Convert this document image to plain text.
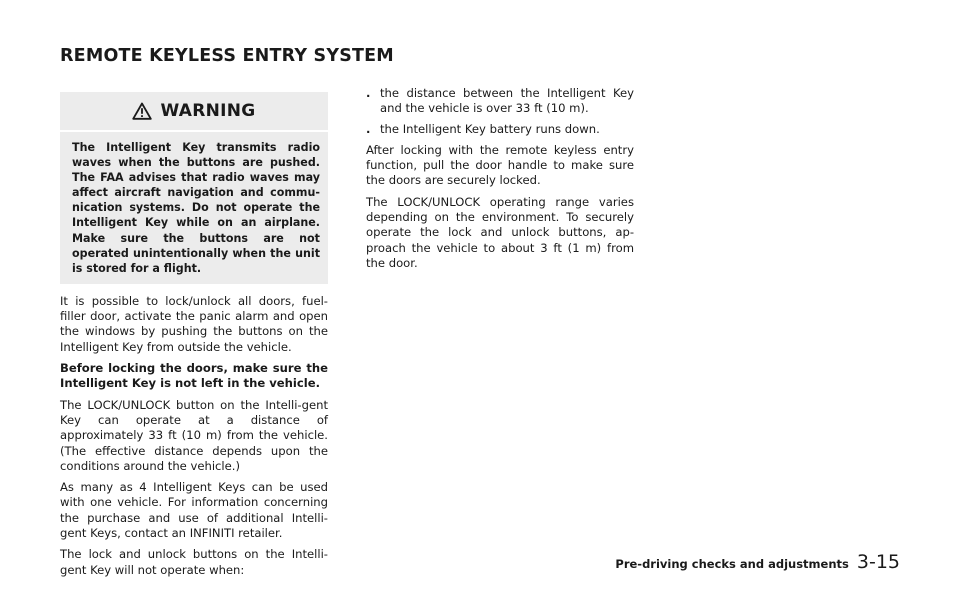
REMOTE KEYLESS ENTRY SYSTEM
WARNING

The Intelligent Key transmits radio waves when the buttons are pushed. The FAA advises that radio waves may affect aircraft navigation and commu-nication systems. Do not operate the Intelligent Key while on an airplane. Make sure the buttons are not operated unintentionally when the unit is stored for a flight.

It is possible to lock/unlock all doors, fuel-filler door, activate the panic alarm and open the windows by pushing the buttons on the Intelligent Key from outside the vehicle.

Before locking the doors, make sure the Intelligent Key is not left in the vehicle.

The LOCK/UNLOCK button on the Intelli-gent Key can operate at a distance of approximately 33 ft (10 m) from the vehicle. (The effective distance depends upon the conditions around the vehicle.)

As many as 4 Intelligent Keys can be used with one vehicle. For information concerning the purchase and use of additional Intelli-gent Keys, contact an INFINITI retailer.

The lock and unlock buttons on the Intelli-gent Key will not operate when:

. the distance between the Intelligent Key and the vehicle is over 33 ft (10 m).
. the Intelligent Key battery runs down.

After locking with the remote keyless entry function, pull the door handle to make sure the doors are securely locked.

The LOCK/UNLOCK operating range varies depending on the environment. To securely operate the lock and unlock buttons, ap-proach the vehicle to about 3 ft (1 m) from the door.

Pre-driving checks and adjustments 3-15
